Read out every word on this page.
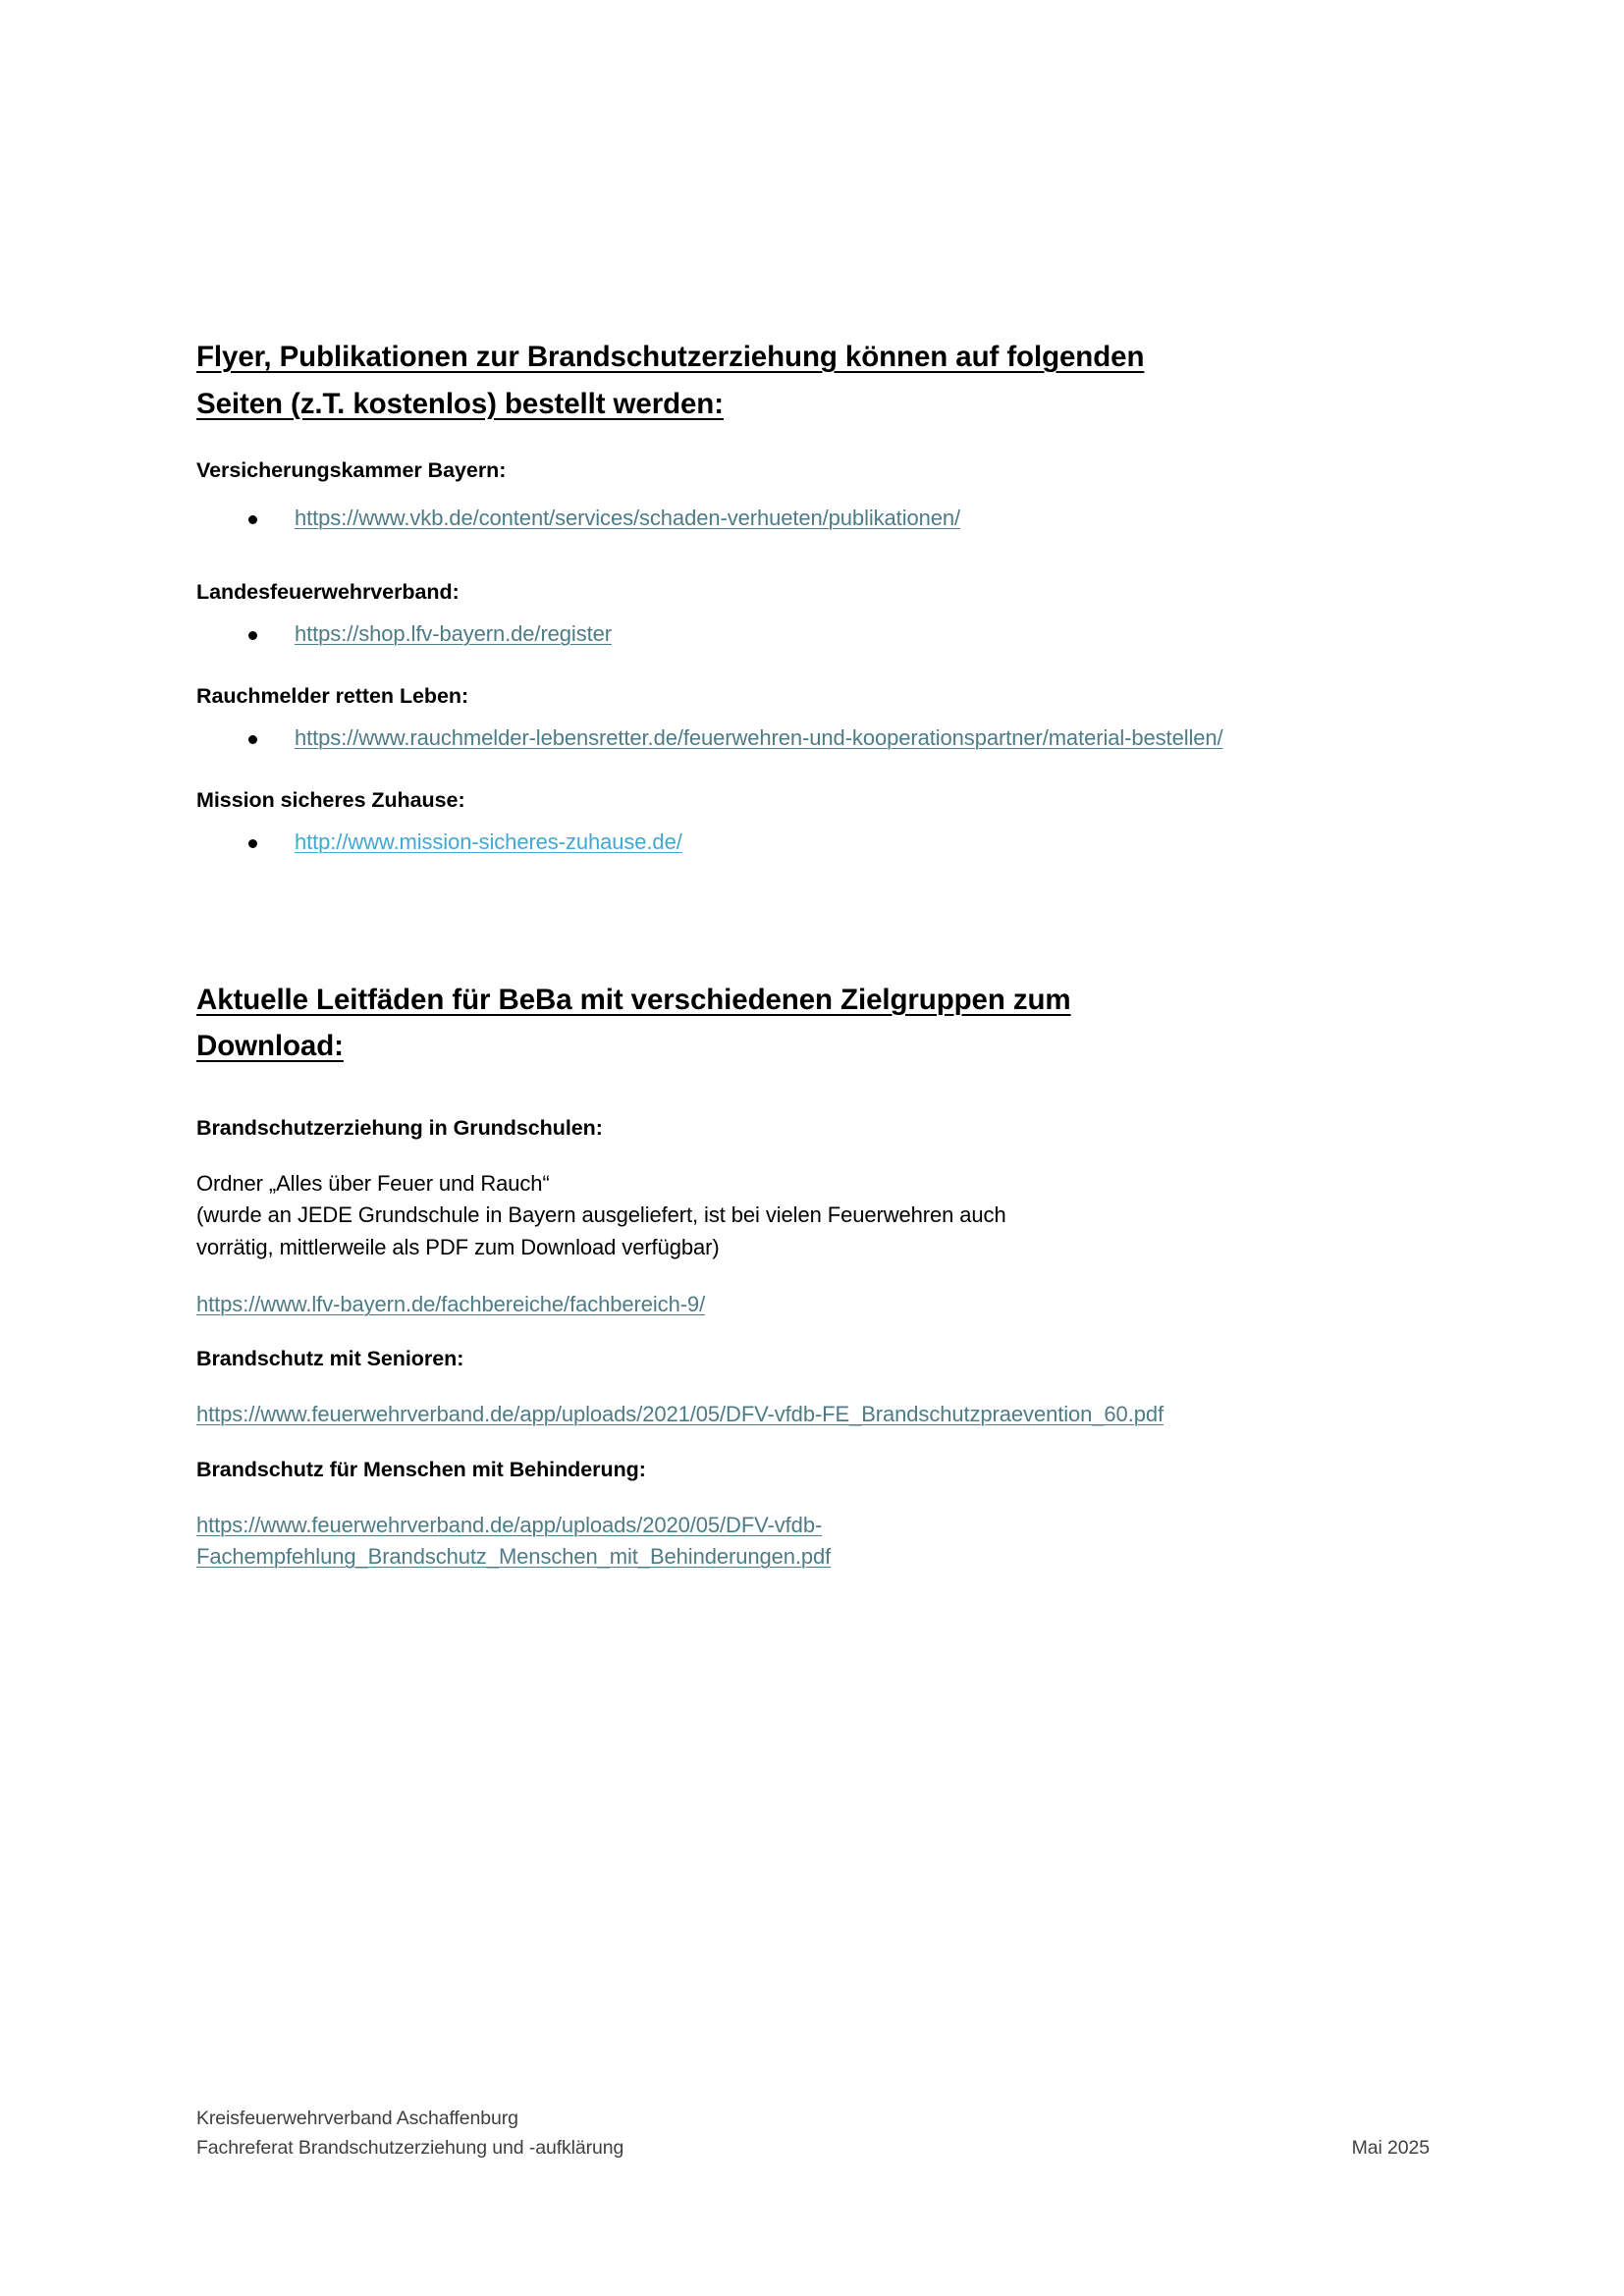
Flyer, Publikationen zur Brandschutzerziehung können auf folgenden
Seiten (z.T. kostenlos) bestellt werden:
Versicherungskammer Bayern:
https://www.vkb.de/content/services/schaden-verhueten/publikationen/
Landesfeuerwehrverband:
https://shop.lfv-bayern.de/register
Rauchmelder retten Leben:
https://www.rauchmelder-lebensretter.de/feuerwehren-und-kooperationspartner/material-bestellen/
Mission sicheres Zuhause:
http://www.mission-sicheres-zuhause.de/
Aktuelle Leitfäden für BeBa mit verschiedenen Zielgruppen zum
Download:
Brandschutzerziehung in Grundschulen:

Ordner „Alles über Feuer und Rauch“

(wurde an JEDE Grundschule in Bayern ausgeliefert, ist bei vielen Feuerwehren auch

vorrätig, mittlerweile als PDF zum Download verfügbar)

https://www.lfv-bayern.de/fachbereiche/fachbereich-9/
Brandschutz mit Senioren:
https://www.feuerwehrverband.de/app/uploads/2021/05/DFV-vfdb-FE_Brandschutzpraevention_60.pdf
Brandschutz für Menschen mit Behinderung:
https://www.feuerwehrverband.de/app/uploads/2020/05/DFV-vfdb-Fachempfehlung_Brandschutz_Menschen_mit_Behinderungen.pdf
Kreisfeuerwehrverband Aschaffenburg
Fachreferat Brandschutzerziehung und -aufklärung	Mai 2025
